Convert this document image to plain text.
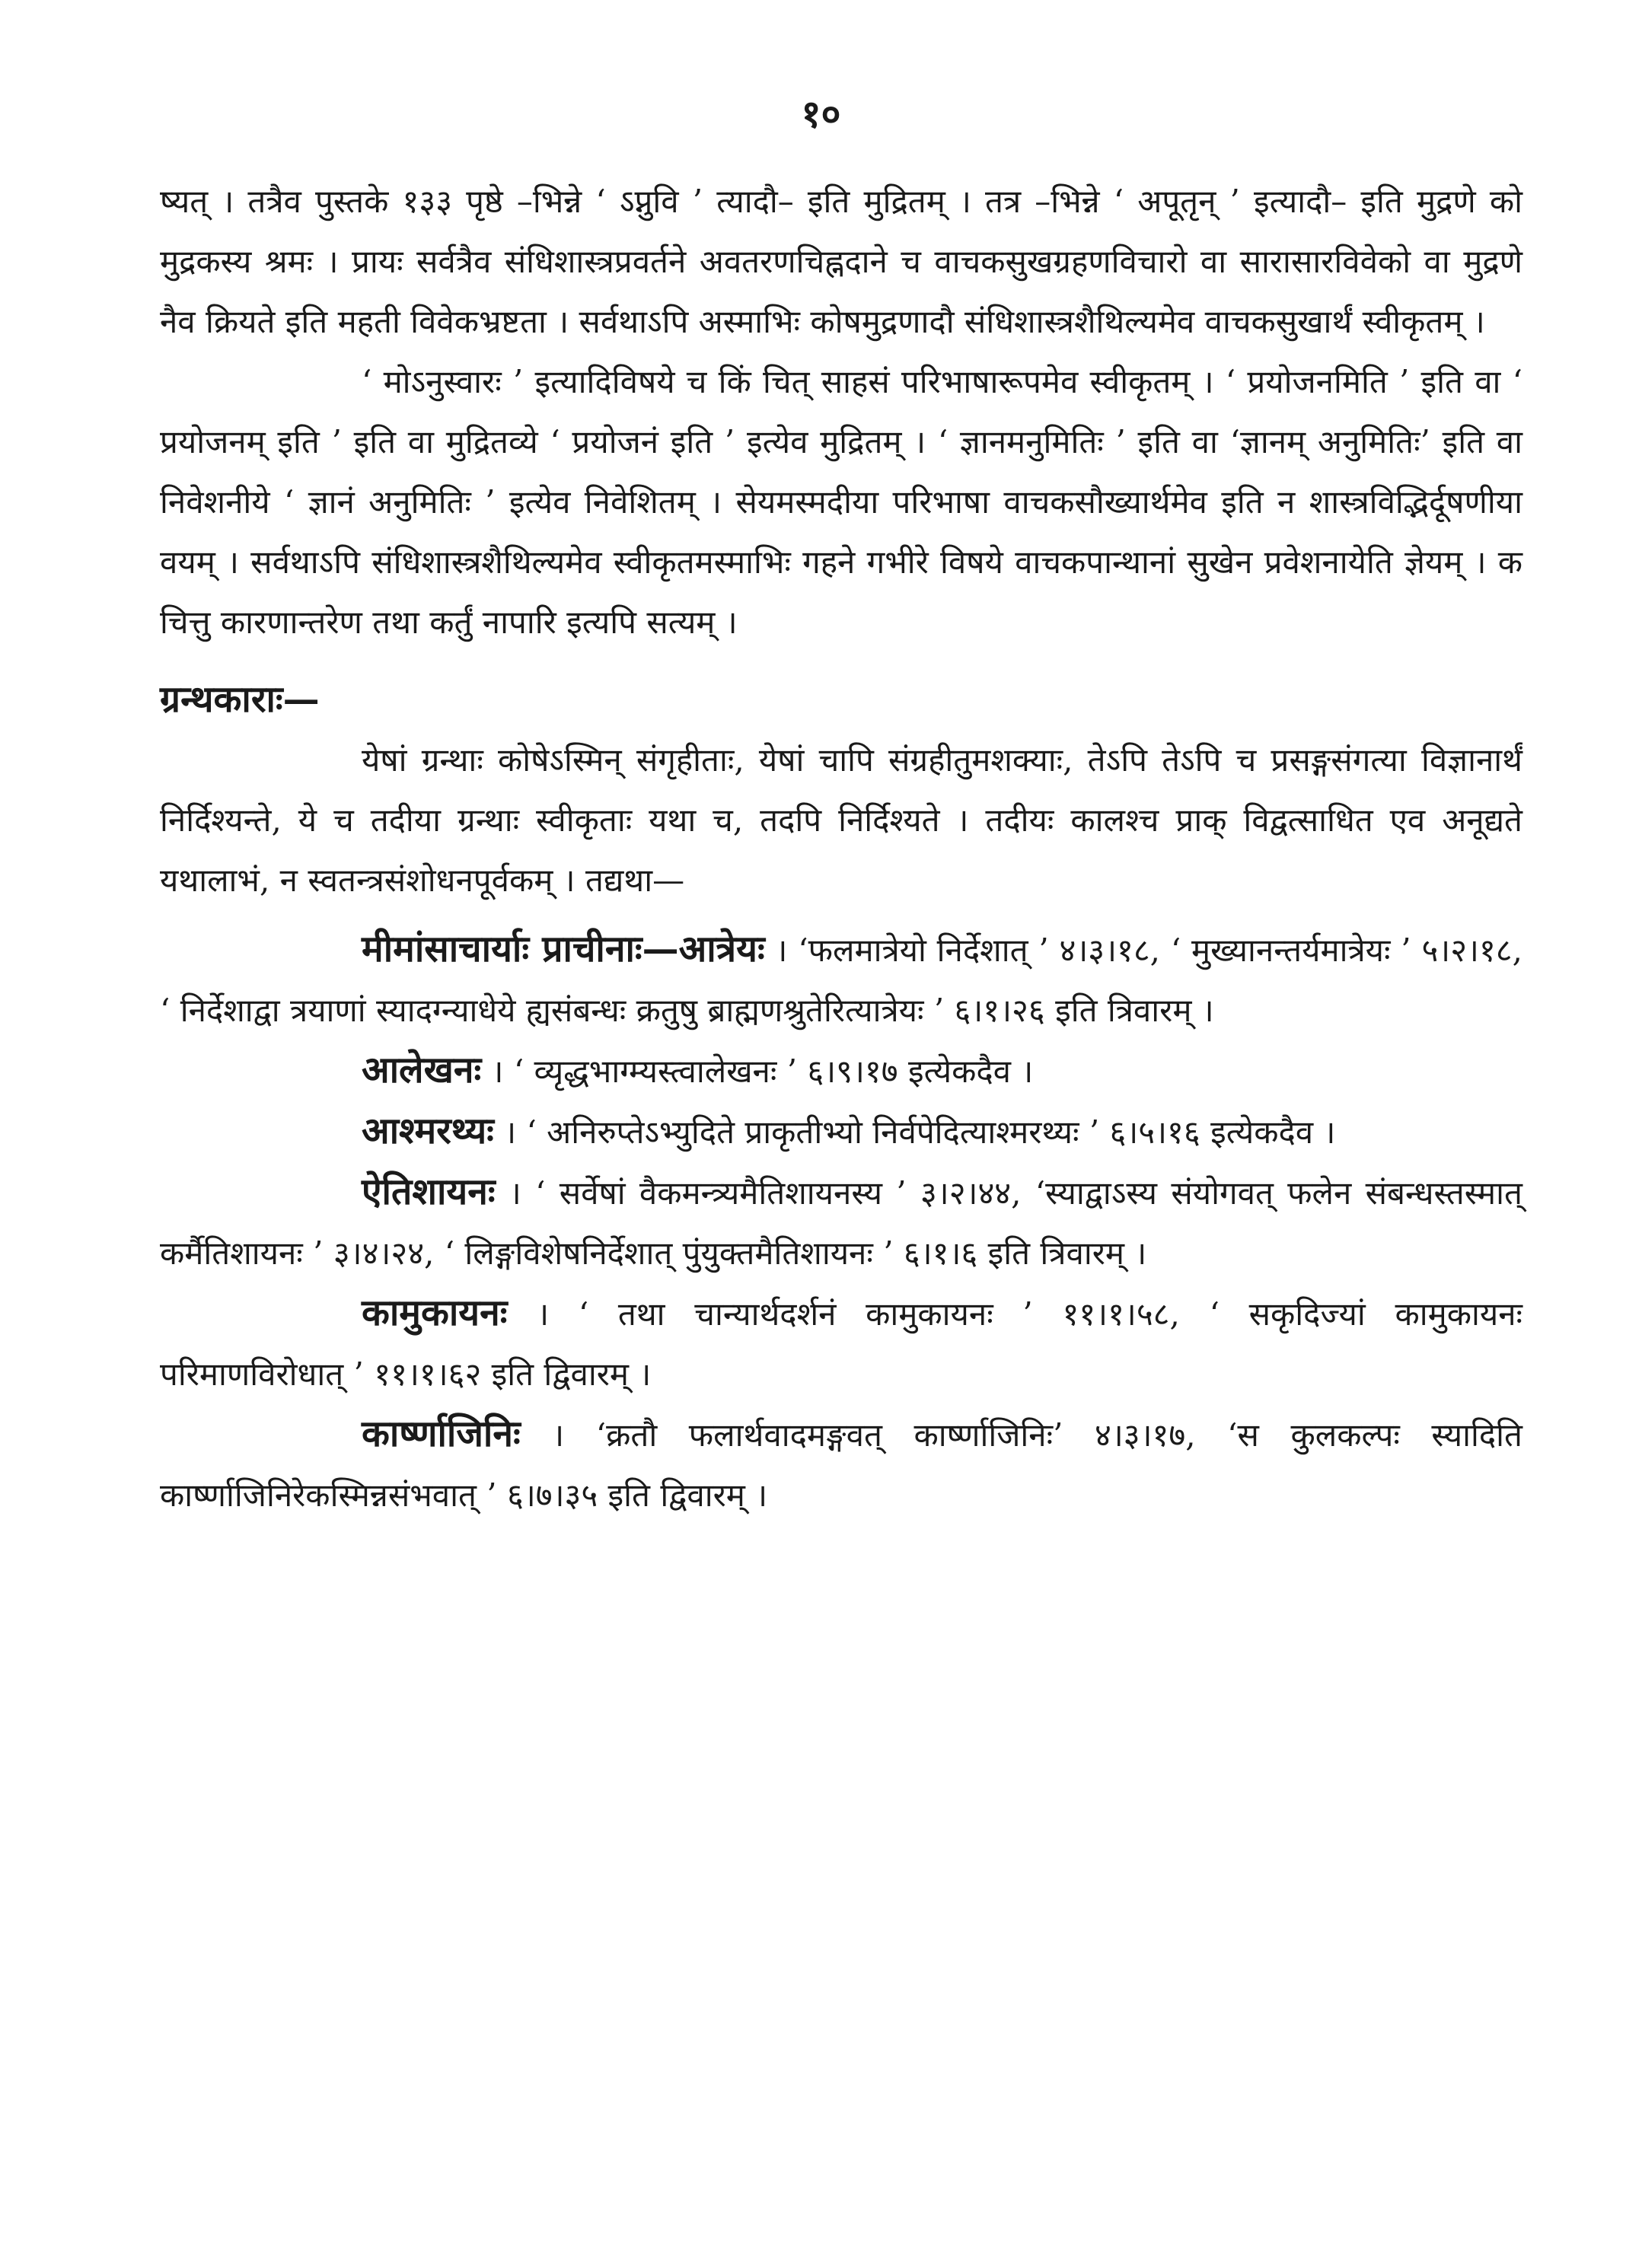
१०

ष्यत् । तत्रैव पुस्तके १३३ पृष्ठे –भिन्ने ‘ ऽप्नुवि ’ त्यादौ– इति मुद्रितम् । तत्र –भिन्ने ‘ अपूतृन् ’ इत्यादौ– इति मुद्रणे को मुद्रकस्य श्रमः । प्रायः सर्वत्रैव संधिशास्त्रप्रवर्तने अवतरणचिह्नदाने च वाचकसुखग्रहणविचारो वा सारासारविवेको वा मुद्रणे नैव क्रियते इति महती विवेकभ्रष्टता । सर्वथाऽपि अस्माभिः कोषमुद्रणादौ संधिशास्त्रशैथिल्यमेव वाचकसुखार्थं स्वीकृतम् ।

‘ मोऽनुस्वारः ’ इत्यादिविषये च किं चित् साहसं परिभाषारूपमेव स्वीकृतम् । ‘ प्रयोजनमिति ’ इति वा ‘ प्रयोजनम् इति ’ इति वा मुद्रितव्ये ‘ प्रयोजनं इति ’ इत्येव मुद्रितम् । ‘ ज्ञानमनुमितिः ’ इति वा ‘ज्ञानम् अनुमितिः’ इति वा निवेशनीये ‘ ज्ञानं अनुमितिः ’ इत्येव निवेशितम् । सेयमस्मदीया परिभाषा वाचकसौख्यार्थमेव इति न शास्त्रविद्भिर्दूषणीया वयम् । सर्वथाऽपि संधिशास्त्रशैथिल्यमेव स्वीकृतमस्माभिः गहने गभीरे विषये वाचकपान्थानां सुखेन प्रवेशनायेति ज्ञेयम् । क चित्तु कारणान्तरेण तथा कर्तुं नापारि इत्यपि सत्यम् ।

ग्रन्थकाराः—

येषां ग्रन्थाः कोषेऽस्मिन् संगृहीताः, येषां चापि संग्रहीतुमशक्याः, तेऽपि तेऽपि च प्रसङ्गसंगत्या विज्ञानार्थं निर्दिश्यन्ते, ये च तदीया ग्रन्थाः स्वीकृताः यथा च, तदपि निर्दिश्यते । तदीयः कालश्च प्राक् विद्वत्साधित एव अनूद्यते यथालाभं, न स्वतन्त्रसंशोधनपूर्वकम् । तद्यथा—

मीमांसाचार्याः प्राचीनाः—आत्रेयः । ‘फलमात्रेयो निर्देशात् ’ ४।३।१८, ‘ मुख्यानन्तर्यमात्रेयः ’ ५।२।१८, ‘ निर्देशाद्वा त्रयाणां स्यादग्न्याधेये ह्यसंबन्धः क्रतुषु ब्राह्मणश्रुतेरित्यात्रेयः ’ ६।१।२६ इति त्रिवारम् ।

आलेखनः । ‘ व्यृद्धभाग्म्यस्त्वालेखनः ’ ६।९।१७ इत्येकदैव ।

आश्मरथ्यः । ‘ अनिरुप्तेऽभ्युदिते प्राकृतीभ्यो निर्वपेदित्याश्मरथ्यः ’ ६।५।१६ इत्येकदैव ।

ऐतिशायनः । ‘ सर्वेषां वैकमन्त्र्यमैतिशायनस्य ’ ३।२।४४, ‘स्याद्वाऽस्य संयोगवत् फलेन संबन्धस्तस्मात् कर्मैतिशायनः ’ ३।४।२४, ‘ लिङ्गविशेषनिर्देशात् पुंयुक्तमैतिशायनः ’ ६।१।६ इति त्रिवारम् ।

कामुकायनः । ‘ तथा चान्यार्थदर्शनं कामुकायनः ’ ११।१।५८, ‘ सकृदिज्यां कामुकायनः परिमाणविरोधात् ’ ११।१।६२ इति द्विवारम् ।

कार्ष्णाजिनिः । ‘क्रतौ फलार्थवादमङ्गवत् कार्ष्णाजिनिः’ ४।३।१७, ‘स कुलकल्पः स्यादिति कार्ष्णाजिनिरेकस्मिन्नसंभवात् ’ ६।७।३५ इति द्विवारम् ।
